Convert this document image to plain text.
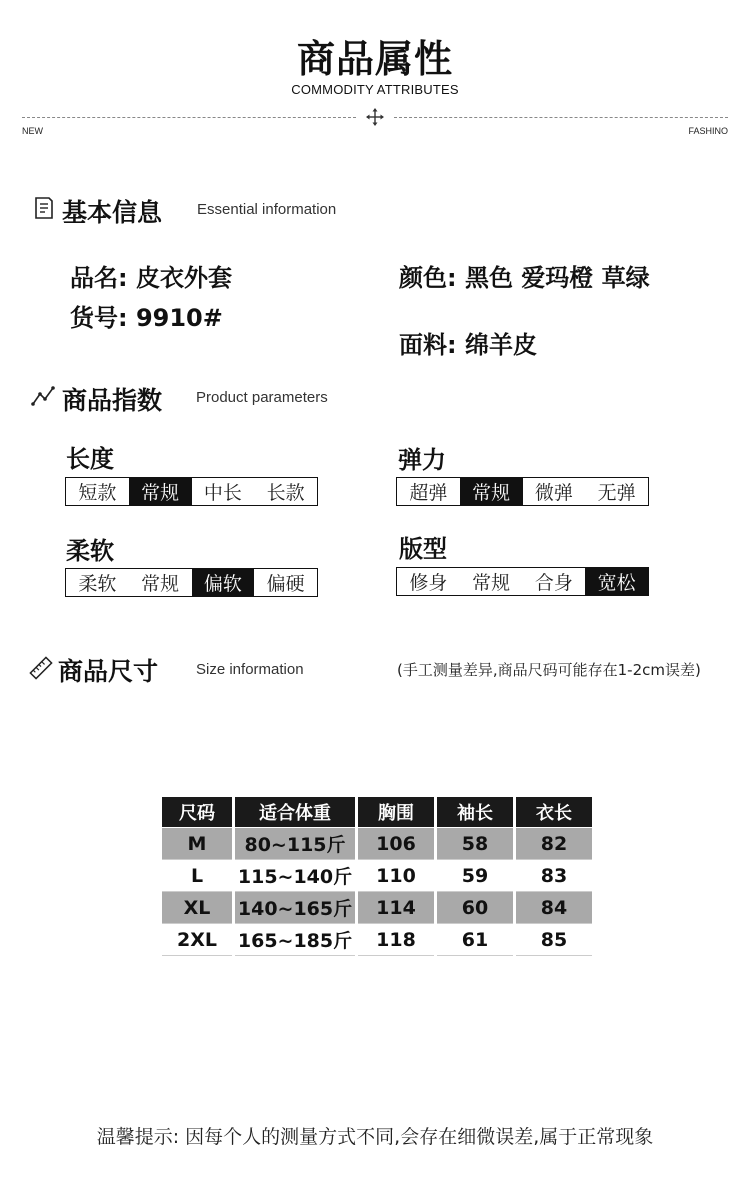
商品属性
COMMODITY ATTRIBUTES
NEW	FASHINO
基本信息 Essential information
品名: 皮衣外套
货号: 9910#
颜色: 黑色 爱玛橙 草绿
面料: 绵羊皮
商品指数 Product parameters
长度
短款	常规	中长	长款
弹力
超弹	常规	微弹	无弹
柔软
柔软	常规	偏软	偏硬
版型
修身	常规	合身	宽松
商品尺寸	Size information	(手工测量差异,商品尺码可能存在1-2cm误差)
尺码	适合体重	胸围	袖长	衣长
M	80~115斤	106	58	82
L	115~140斤	110	59	83
XL	140~165斤	114	60	84
2XL	165~185斤	118	61	85
温馨提示: 因每个人的测量方式不同,会存在细微误差,属于正常现象
